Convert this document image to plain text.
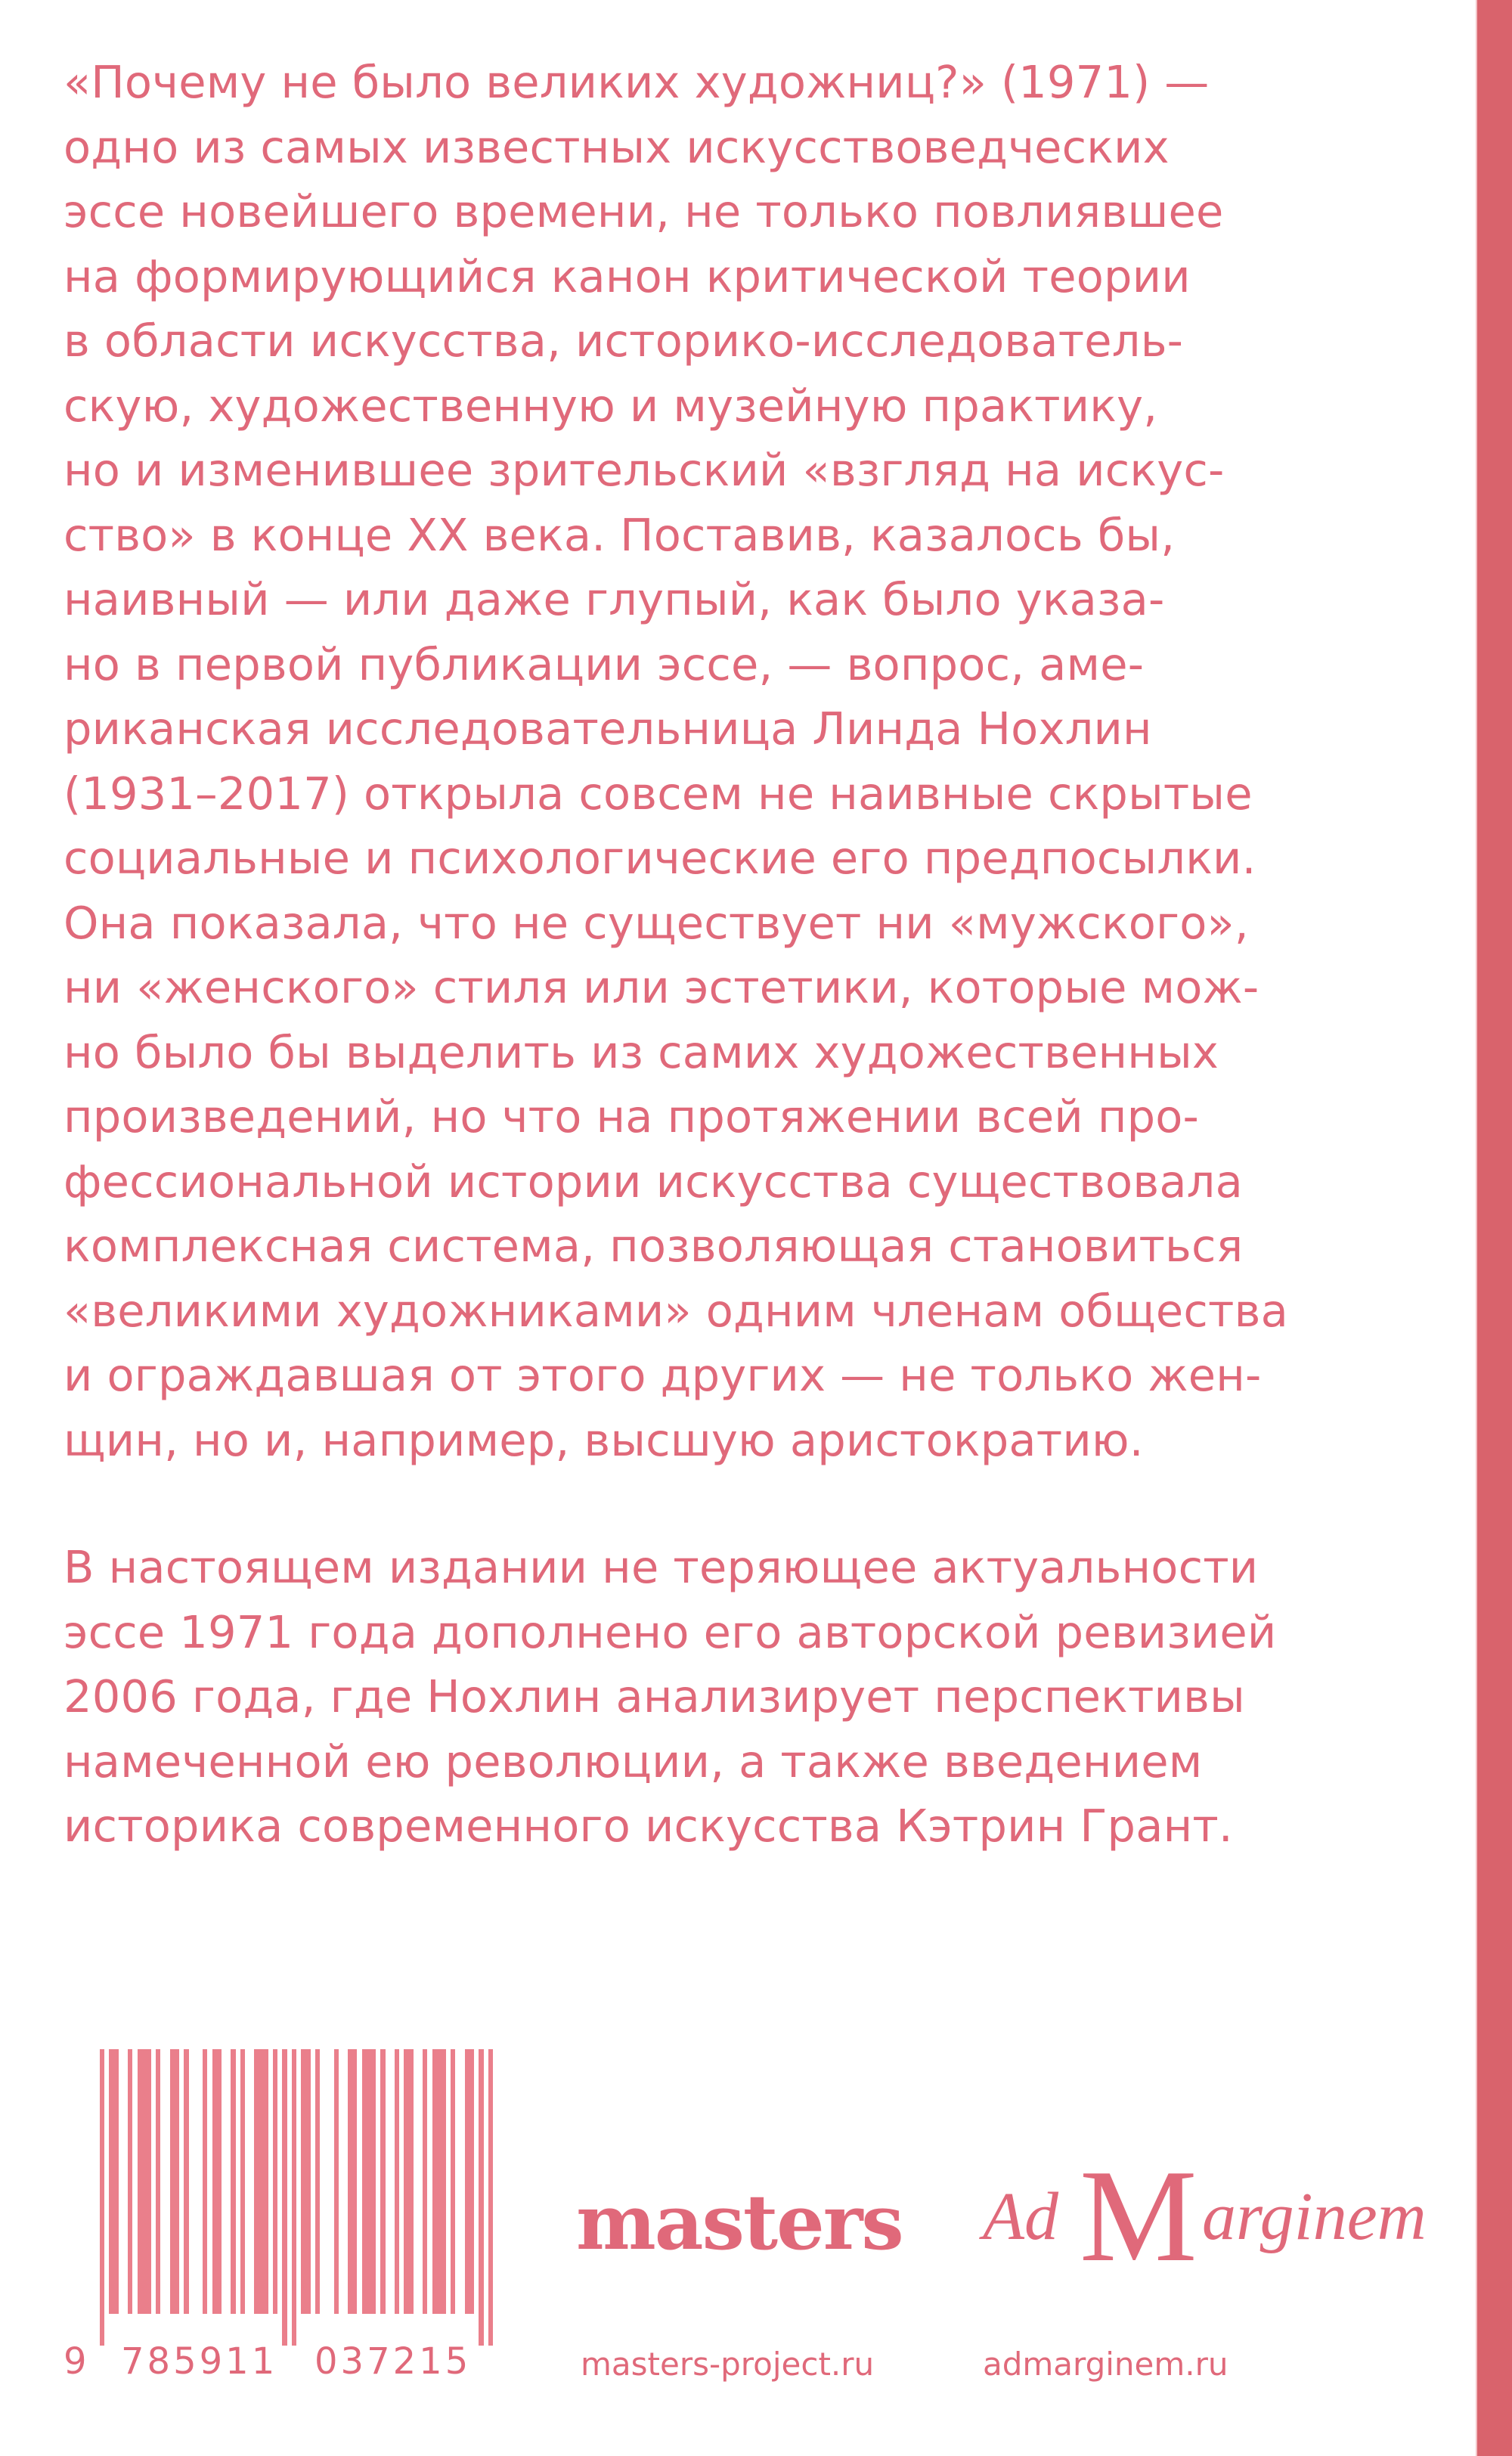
«Почему не было великих художниц?» (1971) —
одно из самых известных искусствоведческих
эссе новейшего времени, не только повлиявшее
на формирующийся канон критической теории
в области искусства, историко-исследователь-
скую, художественную и музейную практику,
но и изменившее зрительский «взгляд на искус-
ство» в конце XX века. Поставив, казалось бы,
наивный — или даже глупый, как было указа-
но в первой публикации эссе, — вопрос, аме-
риканская исследовательница Линда Нохлин
(1931–2017) открыла совсем не наивные скрытые
социальные и психологические его предпосылки.
Она показала, что не существует ни «мужского»,
ни «женского» стиля или эстетики, которые мож-
но было бы выделить из самих художественных
произведений, но что на протяжении всей про-
фессиональной истории искусства существовала
комплексная система, позволяющая становиться
«великими художниками» одним членам общества
и ограждавшая от этого других — не только жен-
щин, но и, например, высшую аристократию.
В настоящем издании не теряющее актуальности
эссе 1971 года дополнено его авторской ревизией
2006 года, где Нохлин анализирует перспективы
намеченной ею революции, а также введением
историка современного искусства Кэтрин Грант.
9 785911 037215
masters Ad M arginem
masters-project.ru	admarginem.ru
